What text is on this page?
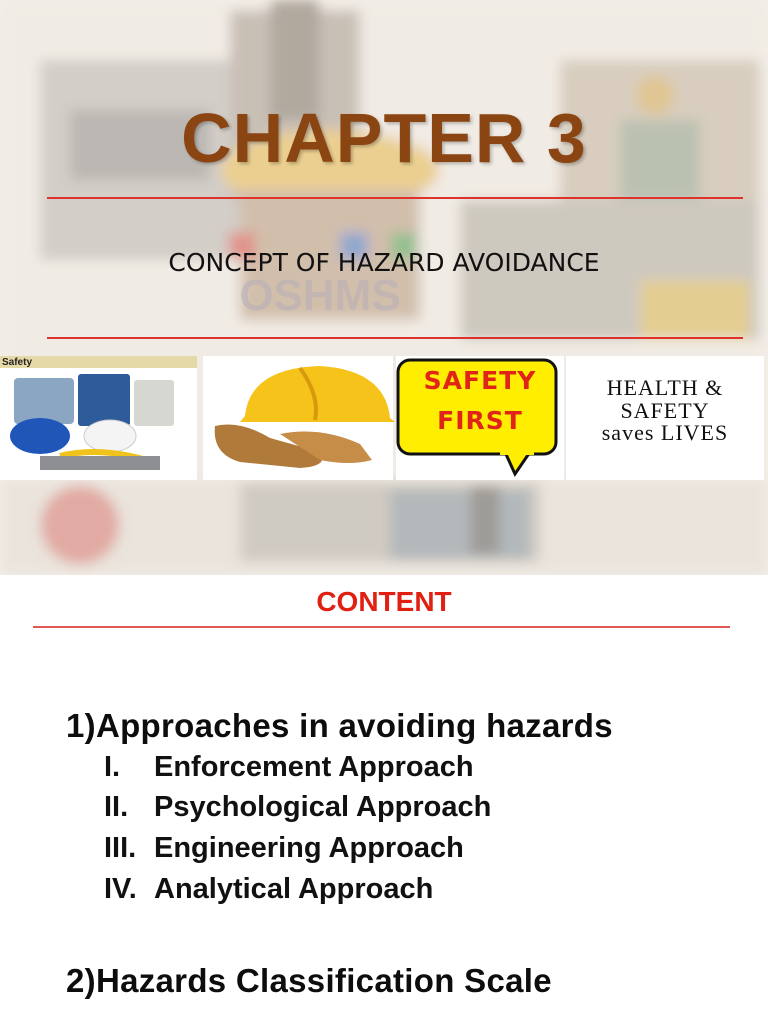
OSHMS
CHAPTER 3
CONCEPT OF HAZARD AVOIDANCE
Safety
SAFETY
FIRST
HEALTH &
SAFETY
saves LIVES
CONTENT
1)Approaches in avoiding hazards
I. Enforcement Approach
II. Psychological Approach
III. Engineering Approach
IV. Analytical Approach
2)Hazards Classification Scale
